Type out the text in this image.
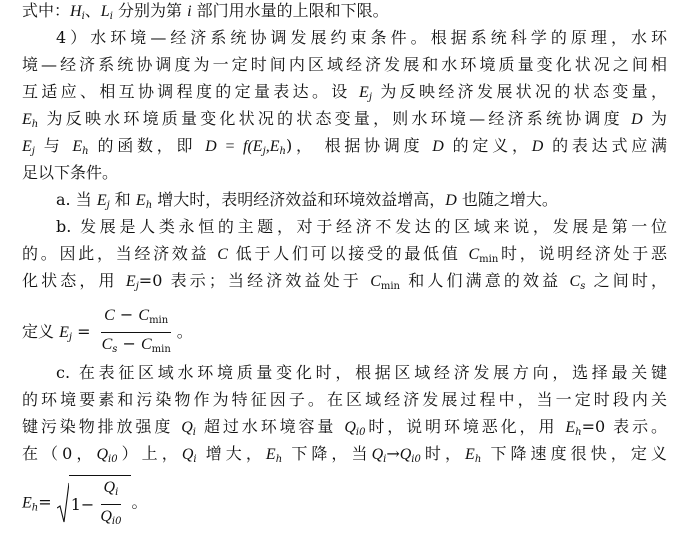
式中：$H_i$、$L_i$ 分别为第 i 部门用水量的上限和下限。
4）水环境—经济系统协调发展约束条件。根据系统科学的原理，水环
境—经济系统协调度为一定时间内区域经济发展和水环境质量变化状况之间相
互适应、相互协调程度的定量表达。设 $E_j$ 为反映经济发展状况的状态变量，
$E_h$ 为反映水环境质量变化状况的状态变量，则水环境—经济系统协调度 D 为
$E_j$ 与 $E_h$ 的函数，即 $D = f(E_j,E_h)$， 根据协调度 D 的定义，D 的表达式应满
足以下条件。
a. 当 $E_j$ 和 $E_h$ 增大时，表明经济效益和环境效益增高，D 也随之增大。
b. 发展是人类永恒的主题，对于经济不发达的区域来说，发展是第一位
的。因此，当经济效益 C 低于人们可以接受的最低值 $C_{min}$时，说明经济处于恶
化状态，用 $E_j=0$ 表示；当经济效益处于 $C_{min}$ 和人们满意的效益 $C_s$ 之间时，
定义 $E_j = \frac{C - C_{min}}{C_s - C_{min}}$ 。
c. 在表征区域水环境质量变化时，根据区域经济发展方向，选择最关键
的环境要素和污染物作为特征因子。在区域经济发展过程中，当一定时段内关
键污染物排放强度 $Q_i$ 超过水环境容量 $Q_{i0}$时，说明环境恶化，用 $E_h=0$ 表示。
在（0，$Q_{i0}$）上，$Q_i$ 增大，$E_h$ 下降，当$Q_i\to Q_{i0}$时，$E_h$ 下降速度很快，定义
$E_h= 1- \frac{Q_i}{Q_{i0}}$ 。
